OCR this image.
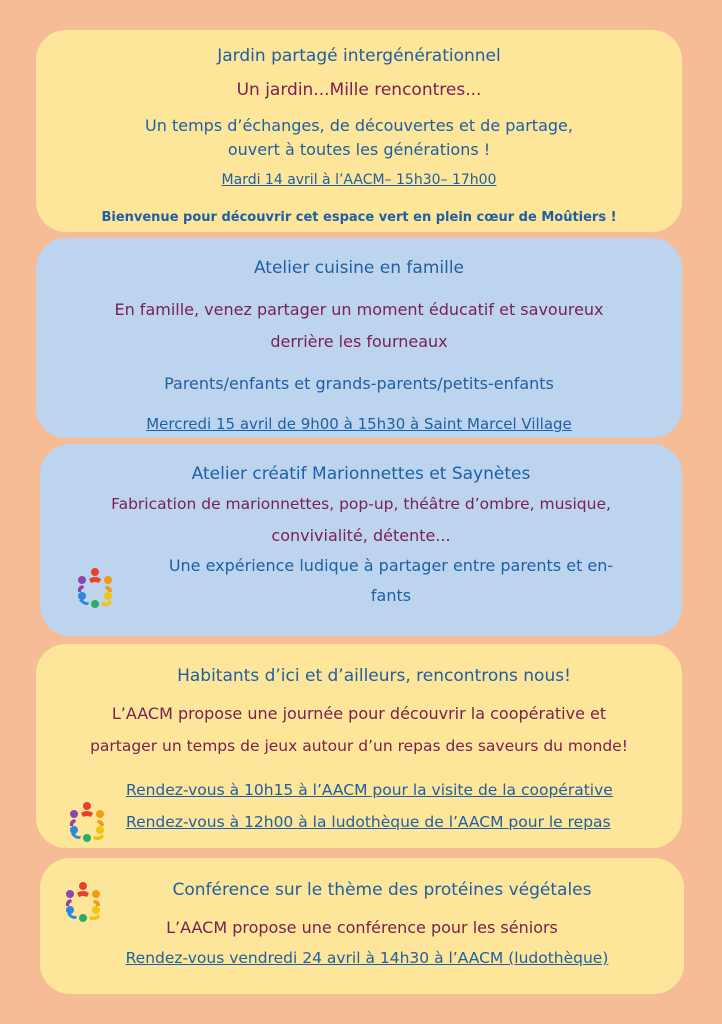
Jardin partagé intergénérationnel
Un jardin...Mille rencontres...
Un temps d’échanges, de découvertes et de partage,
ouvert à toutes les générations !
Mardi 14 avril à l’AACM– 15h30– 17h00
Bienvenue pour découvrir cet espace vert en plein cœur de Moûtiers !
Atelier cuisine en famille
En famille, venez partager un moment éducatif et savoureux
derrière les fourneaux
Parents/enfants et grands-parents/petits-enfants
Mercredi 15 avril de 9h00 à 15h30 à Saint Marcel Village
Atelier créatif Marionnettes et Saynètes
Fabrication de marionnettes, pop-up, théâtre d’ombre, musique,
convivialité, détente...
Une expérience ludique à partager entre parents et en-
fants
Habitants d’ici et d’ailleurs, rencontrons nous!
L’AACM propose une journée pour découvrir la coopérative et
partager un temps de jeux autour d’un repas des saveurs du monde!
Rendez-vous à 10h15 à l’AACM pour la visite de la coopérative
Rendez-vous à 12h00 à la ludothèque de l’AACM pour le repas
Conférence sur le thème des protéines végétales
L’AACM propose une conférence pour les séniors
Rendez-vous vendredi 24 avril à 14h30 à l’AACM (ludothèque)
